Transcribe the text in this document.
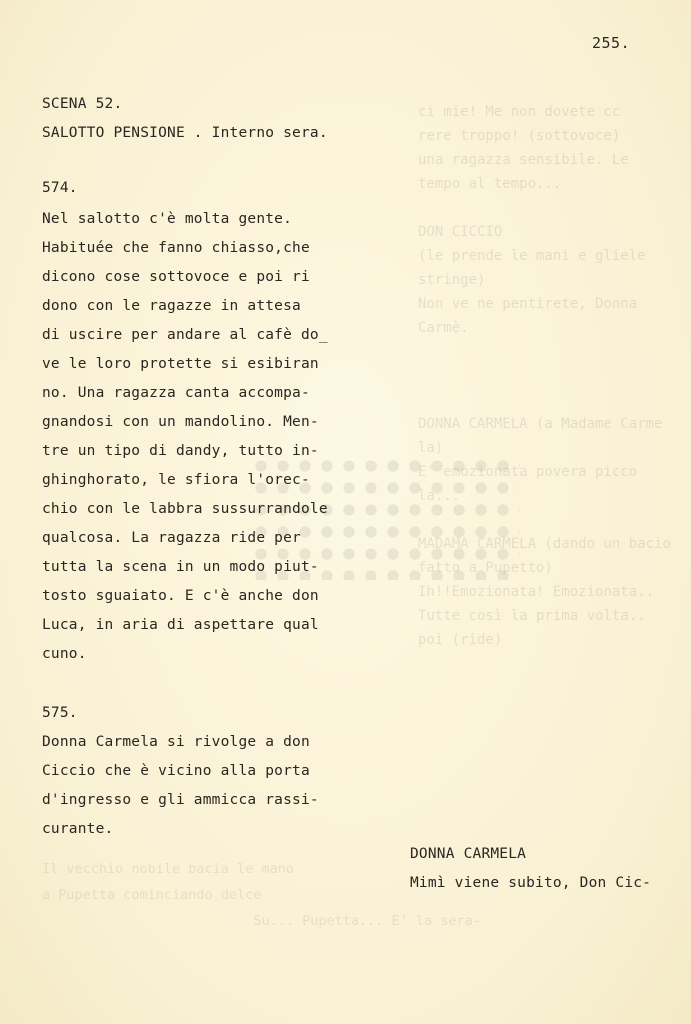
ci mie! Me non dovete cc
rere troppo! (sottovoce)
una ragazza sensibile. Le
tempo al tempo...

DON CICCIO
(le prende le mani e gliele
stringe)
Non ve ne pentirete, Donna
Carmè.

DONNA CARMELA (a Madame Carme
la)
E' emozionata povera picco
la...

MADAMA CARMELA (dando un bacio
fatto a Pupetto)
Ih!!Emozionata! Emozionata..
Tutte così la prima volta..
poi (ride)
Il vecchio nobile bacia le mano
a Pupetta cominciando delce
Su... Pupetta... E' la sera-
255.
SCENA 52.
SALOTTO PENSIONE . Interno sera.
574.
Nel salotto c'è molta gente.
Habituée che fanno chiasso,che
dicono cose sottovoce e poi ri
dono con le ragazze in attesa
di uscire per andare al cafè do_
ve le loro protette si esibiran
no. Una ragazza canta accompa-
gnandosi con un mandolino. Men-
tre un tipo di dandy, tutto in-
ghinghorato, le sfiora l'orec-
chio con le labbra sussurrandole
qualcosa. La ragazza ride per
tutta la scena in un modo piut-
tosto sguaiato. E c'è anche don
Luca, in aria di aspettare qual
cuno.
575.
Donna Carmela si rivolge a don
Ciccio che è vicino alla porta
d'ingresso e gli ammicca rassi-
curante.
DONNA CARMELA
Mimì viene subito, Don Cic-
